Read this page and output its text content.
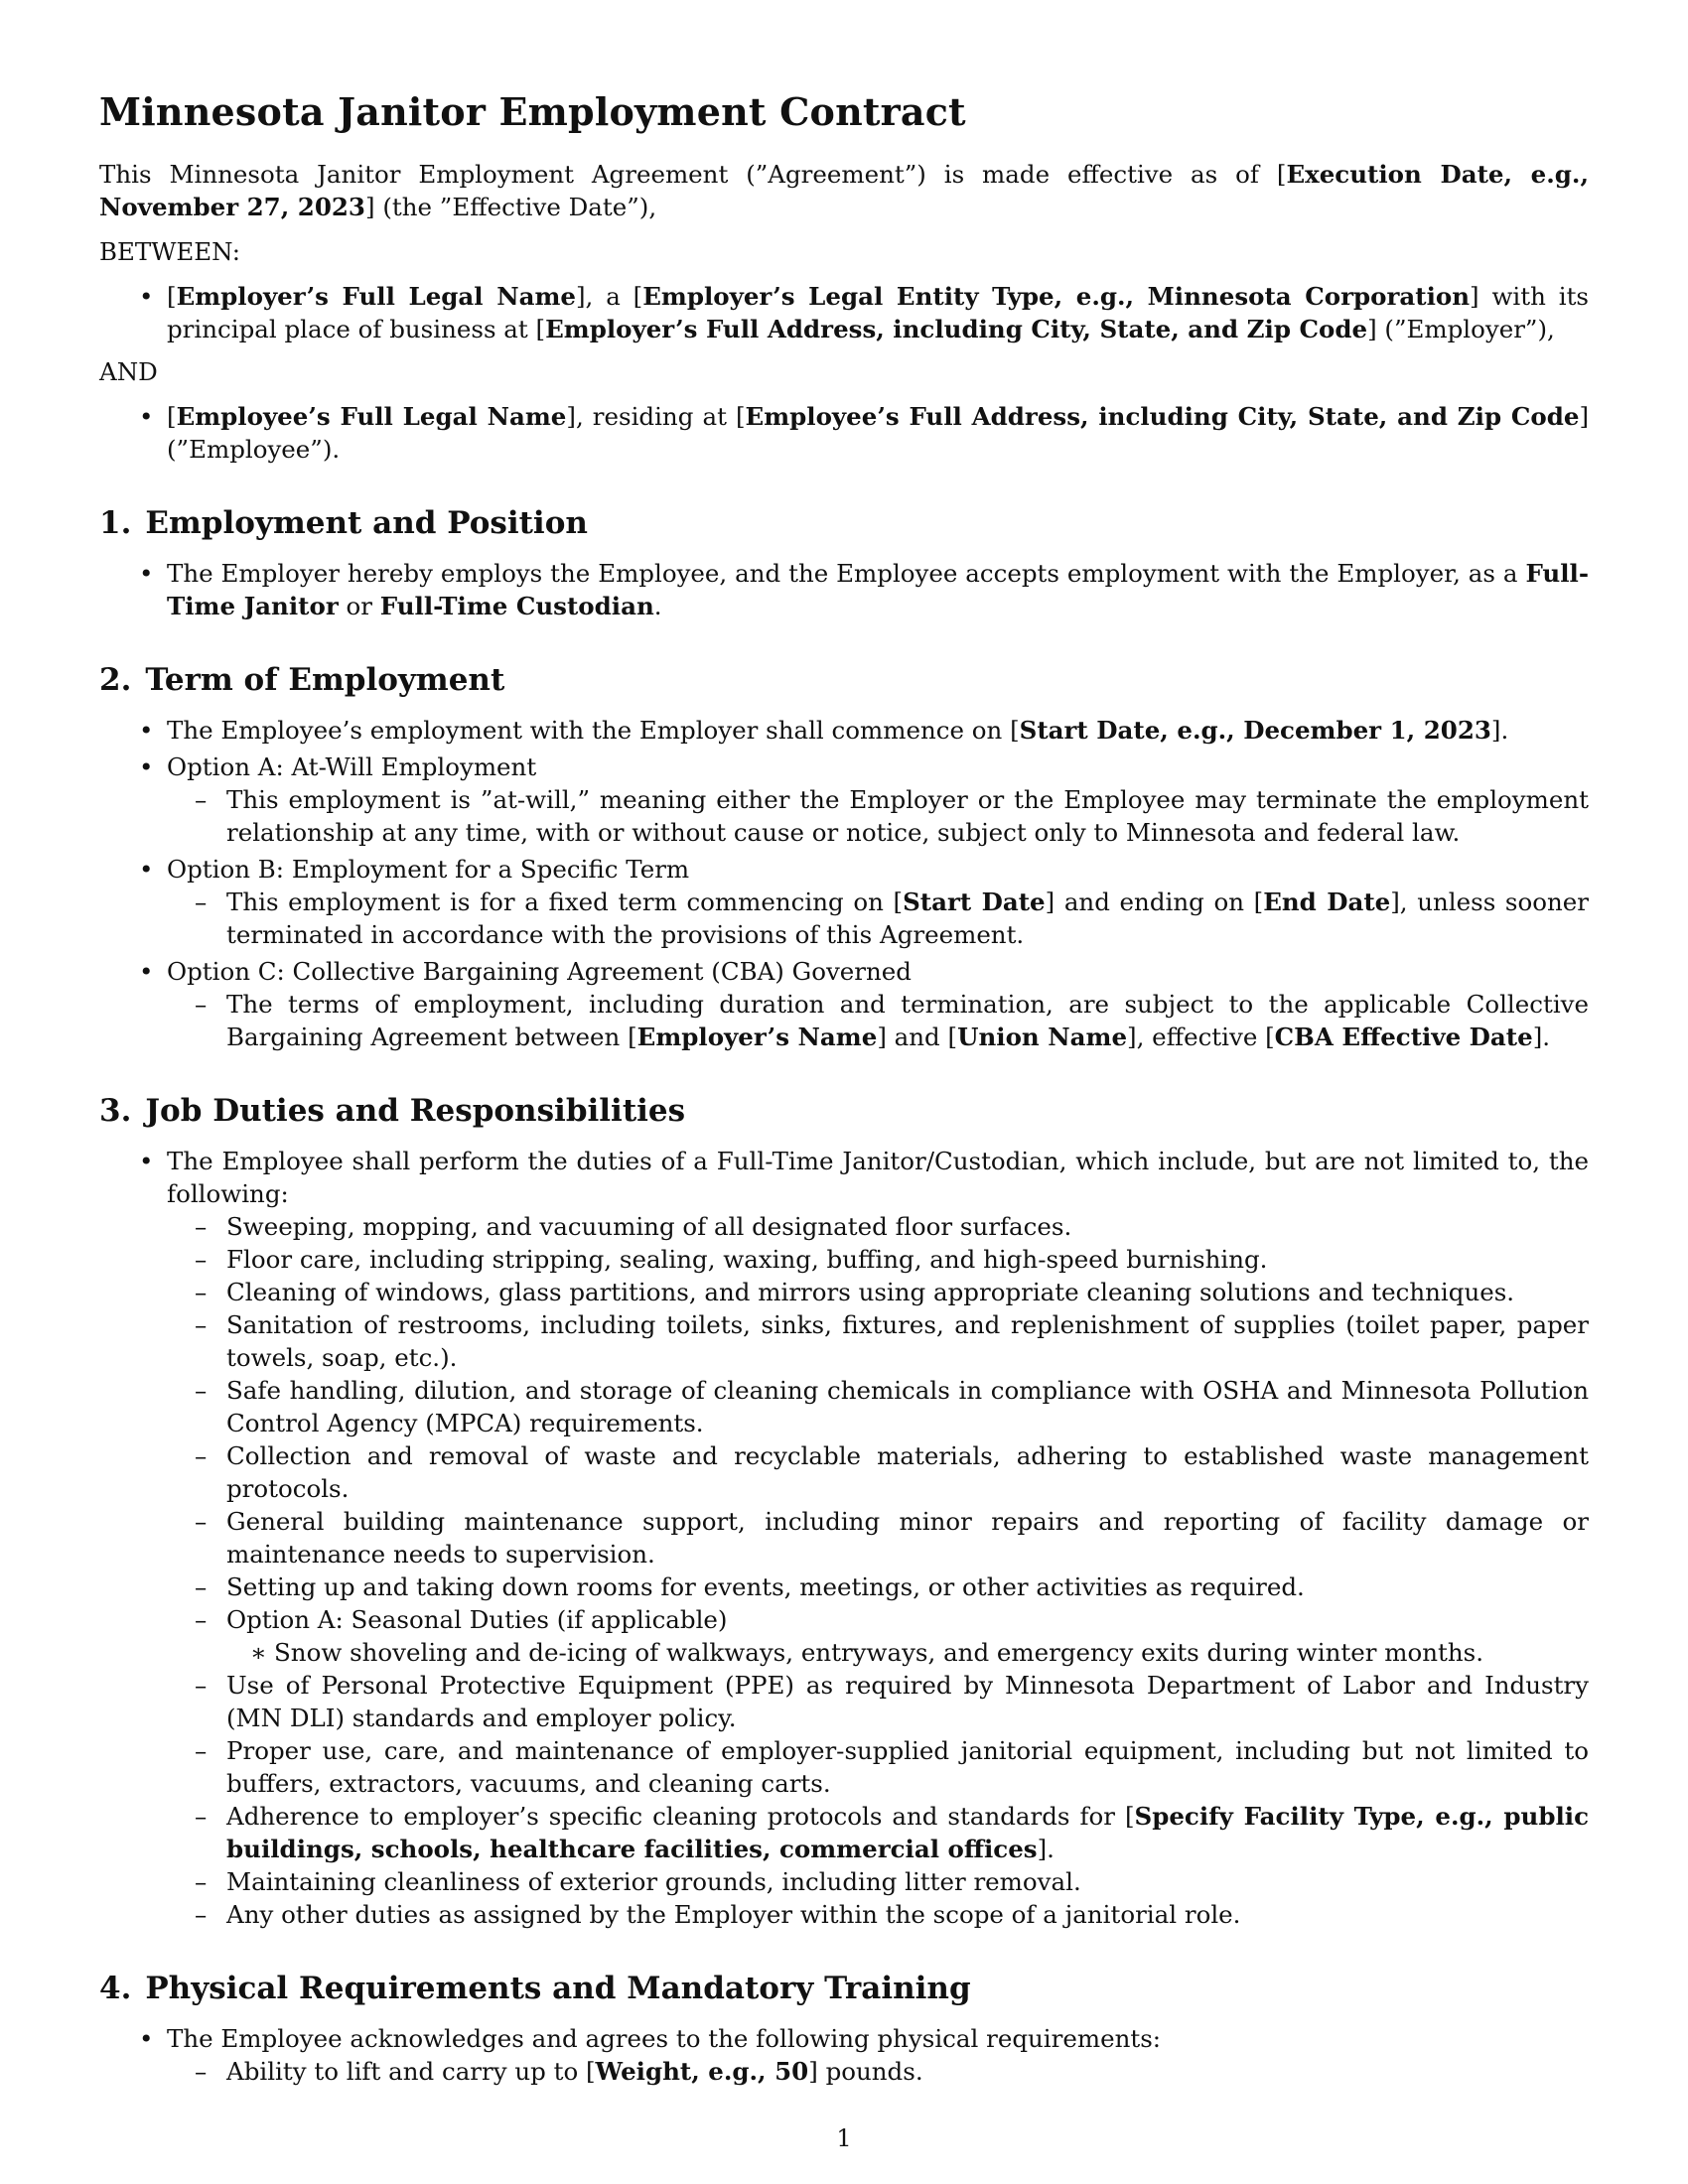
Minnesota Janitor Employment Contract

This Minnesota Janitor Employment Agreement (”Agreement”) is made effective as of [Execution Date, e.g., November 27, 2023] (the ”Effective Date”),

BETWEEN:

• [Employer’s Full Legal Name], a [Employer’s Legal Entity Type, e.g., Minnesota Corporation] with its principal place of business at [Employer’s Full Address, including City, State, and Zip Code] (”Employer”),

AND

• [Employee’s Full Legal Name], residing at [Employee’s Full Address, including City, State, and Zip Code] (”Employee”).
1. Employment and Position
• The Employer hereby employs the Employee, and the Employee accepts employment with the Employer, as a Full-Time Janitor or Full-Time Custodian.
2. Term of Employment
• The Employee’s employment with the Employer shall commence on [Start Date, e.g., December 1, 2023].
• Option A: At-Will Employment
– This employment is ”at-will,” meaning either the Employer or the Employee may terminate the employment relationship at any time, with or without cause or notice, subject only to Minnesota and federal law.
• Option B: Employment for a Specific Term
– This employment is for a fixed term commencing on [Start Date] and ending on [End Date], unless sooner terminated in accordance with the provisions of this Agreement.
• Option C: Collective Bargaining Agreement (CBA) Governed
– The terms of employment, including duration and termination, are subject to the applicable Collective Bargaining Agreement between [Employer’s Name] and [Union Name], effective [CBA Effective Date].
3. Job Duties and Responsibilities
• The Employee shall perform the duties of a Full-Time Janitor/Custodian, which include, but are not limited to, the following:
– Sweeping, mopping, and vacuuming of all designated floor surfaces.
– Floor care, including stripping, sealing, waxing, buffing, and high-speed burnishing.
– Cleaning of windows, glass partitions, and mirrors using appropriate cleaning solutions and techniques.
– Sanitation of restrooms, including toilets, sinks, fixtures, and replenishment of supplies (toilet paper, paper towels, soap, etc.).
– Safe handling, dilution, and storage of cleaning chemicals in compliance with OSHA and Minnesota Pollution Control Agency (MPCA) requirements.
– Collection and removal of waste and recyclable materials, adhering to established waste management protocols.
– General building maintenance support, including minor repairs and reporting of facility damage or maintenance needs to supervision.
– Setting up and taking down rooms for events, meetings, or other activities as required.
– Option A: Seasonal Duties (if applicable)
∗ Snow shoveling and de-icing of walkways, entryways, and emergency exits during winter months.
– Use of Personal Protective Equipment (PPE) as required by Minnesota Department of Labor and Industry (MN DLI) standards and employer policy.
– Proper use, care, and maintenance of employer-supplied janitorial equipment, including but not limited to buffers, extractors, vacuums, and cleaning carts.
– Adherence to employer’s specific cleaning protocols and standards for [Specify Facility Type, e.g., public buildings, schools, healthcare facilities, commercial offices].
– Maintaining cleanliness of exterior grounds, including litter removal.
– Any other duties as assigned by the Employer within the scope of a janitorial role.
4. Physical Requirements and Mandatory Training
• The Employee acknowledges and agrees to the following physical requirements:
– Ability to lift and carry up to [Weight, e.g., 50] pounds.
1
